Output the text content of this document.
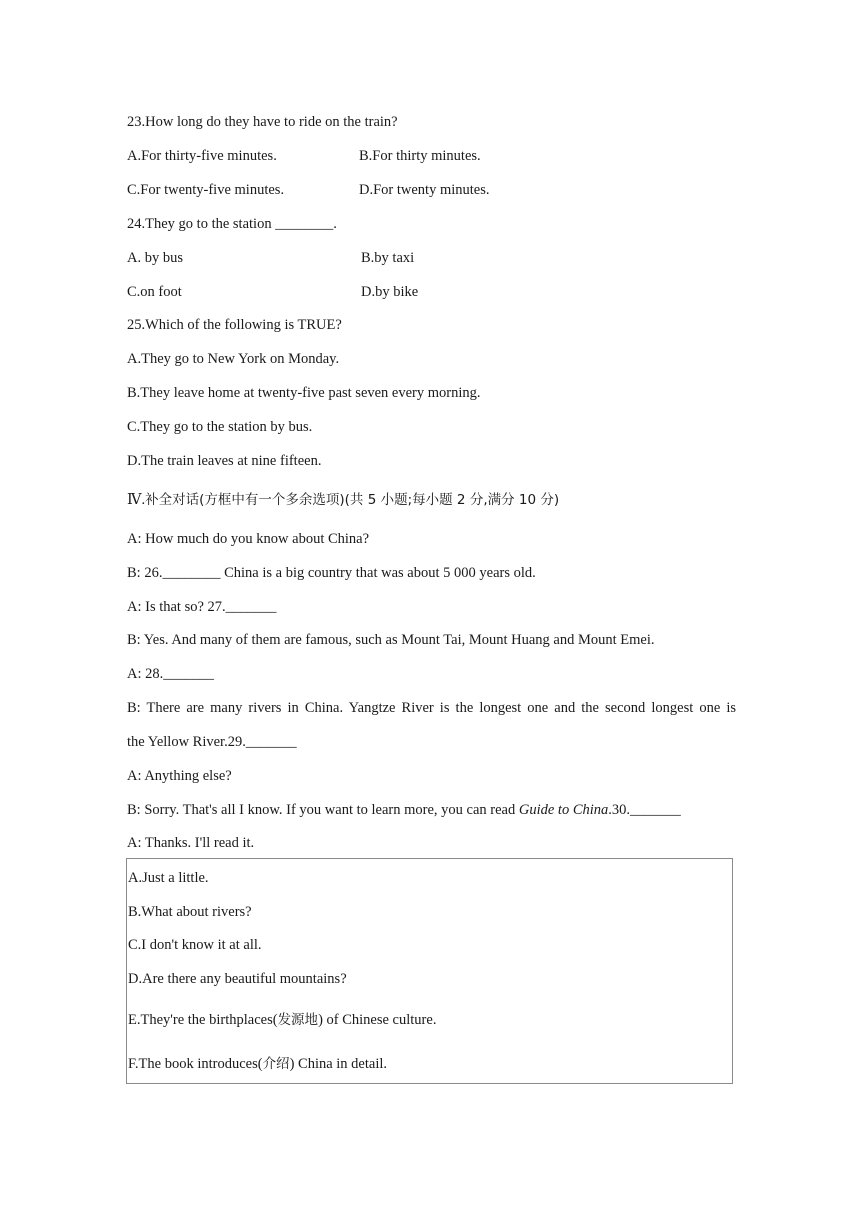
23.How long do they have to ride on the train?
A.For thirty-five minutes.	B.For thirty minutes.
C.For twenty-five minutes.	D.For twenty minutes.
24.They go to the station ________.
A. by bus	B.by taxi
C.on foot	D.by bike
25.Which of the following is TRUE?
A.They go to New York on Monday.
B.They leave home at twenty-five past seven every morning.
C.They go to the station by bus.
D.The train leaves at nine fifteen.
Ⅳ.补全对话(方框中有一个多余选项)(共 5 小题;每小题 2 分,满分 10 分)
A: How much do you know about China?
B: 26.________ China is a big country that was about 5 000 years old.
A: Is that so? 27._______
B: Yes. And many of them are famous, such as Mount Tai, Mount Huang and Mount Emei.
A: 28._______
B: There are many rivers in China. Yangtze River is the longest one and the second longest one is
the Yellow River.29._______
A: Anything else?
B: Sorry. That's all I know. If you want to learn more, you can read Guide to China.30._______
A: Thanks. I'll read it.
A.Just a little.
B.What about rivers?
C.I don't know it at all.
D.Are there any beautiful mountains?
E.They're the birthplaces(发源地) of Chinese culture.
F.The book introduces(介绍) China in detail.
